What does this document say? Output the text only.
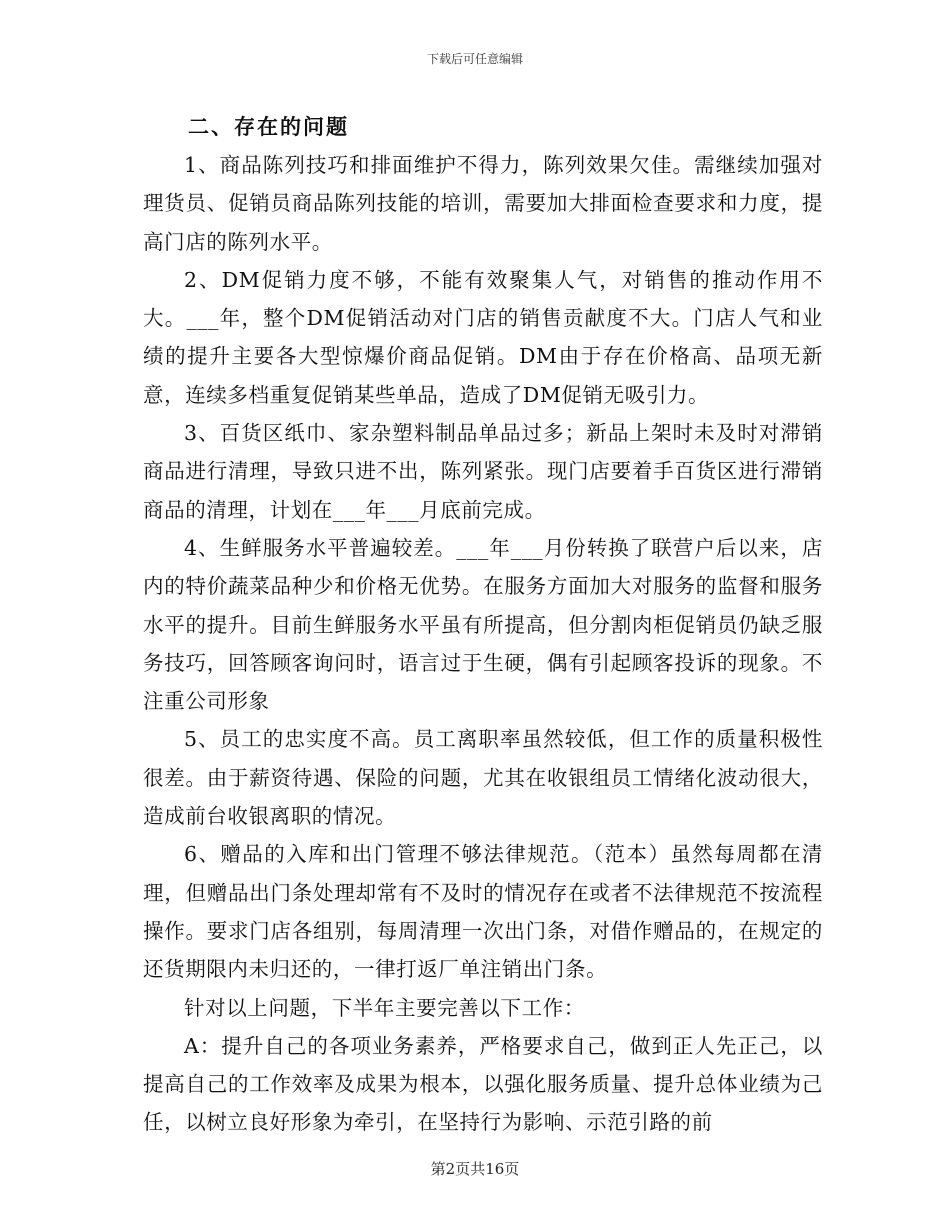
下载后可任意编辑
二、存在的问题

1、商品陈列技巧和排面维护不得力，陈列效果欠佳。需继续加强对理货员、促销员商品陈列技能的培训，需要加大排面检查要求和力度，提高门店的陈列水平。

2、DM促销力度不够，不能有效聚集人气，对销售的推动作用不大。___年，整个DM促销活动对门店的销售贡献度不大。门店人气和业绩的提升主要各大型惊爆价商品促销。DM由于存在价格高、品项无新意，连续多档重复促销某些单品，造成了DM促销无吸引力。

3、百货区纸巾、家杂塑料制品单品过多；新品上架时未及时对滞销商品进行清理，导致只进不出，陈列紧张。现门店要着手百货区进行滞销商品的清理，计划在___年___月底前完成。

4、生鲜服务水平普遍较差。___年___月份转换了联营户后以来，店内的特价蔬菜品种少和价格无优势。在服务方面加大对服务的监督和服务水平的提升。目前生鲜服务水平虽有所提高，但分割肉柜促销员仍缺乏服务技巧，回答顾客询问时，语言过于生硬，偶有引起顾客投诉的现象。不注重公司形象

5、员工的忠实度不高。员工离职率虽然较低，但工作的质量积极性很差。由于薪资待遇、保险的问题，尤其在收银组员工情绪化波动很大，造成前台收银离职的情况。

6、赠品的入库和出门管理不够法律规范。（范本）虽然每周都在清理，但赠品出门条处理却常有不及时的情况存在或者不法律规范不按流程操作。要求门店各组别，每周清理一次出门条，对借作赠品的，在规定的还货期限内未归还的，一律打返厂单注销出门条。

针对以上问题，下半年主要完善以下工作：

A：提升自己的各项业务素养，严格要求自己，做到正人先正己，以提高自己的工作效率及成果为根本，以强化服务质量、提升总体业绩为己任，以树立良好形象为牵引，在坚持行为影响、示范引路的前

第2页共16页
